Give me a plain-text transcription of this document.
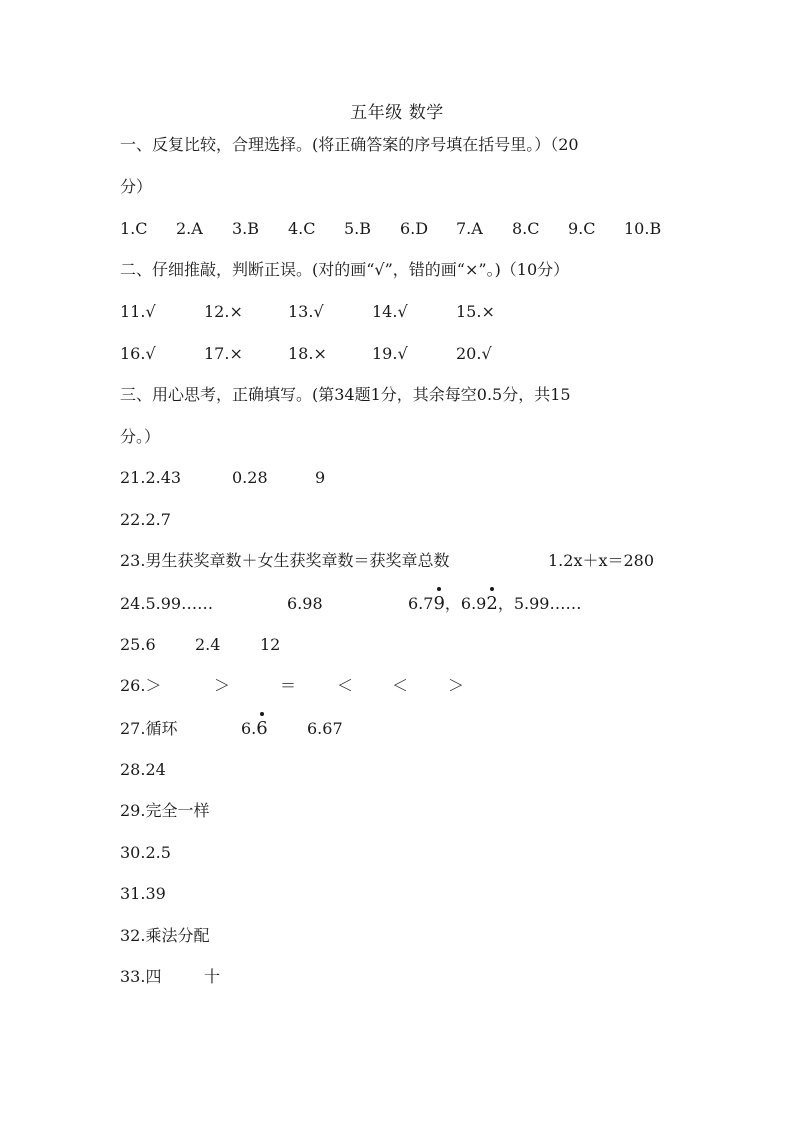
五年级 数学
一、反复比较，合理选择。(将正确答案的序号填在括号里。）（20
分）
1.C 2.A 3.B 4.C 5.B 6.D 7.A 8.C 9.C 10.B
二、仔细推敲，判断正误。(对的画“√”，错的画“×”。)（10分）
11.√	12.×	13.√	14.√	15.×
16.√	17.×	18.×	19.√	20.√
三、用心思考，正确填写。(第34题1分，其余每空0.5分，共15
分。）
21.2.43	0.28	9
22.2.7
23.男生获奖章数＋女生获奖章数＝获奖章总数	1.2x＋x＝280
24.5.99……	6.98	6.79，6.92，5.99……
25.6 2.4 12
26.＞	＞	＝	＜ ＜ ＞
27.循环	6.6 6.67
28.24
29.完全一样
30.2.5
31.39
32.乘法分配
33.四	十
